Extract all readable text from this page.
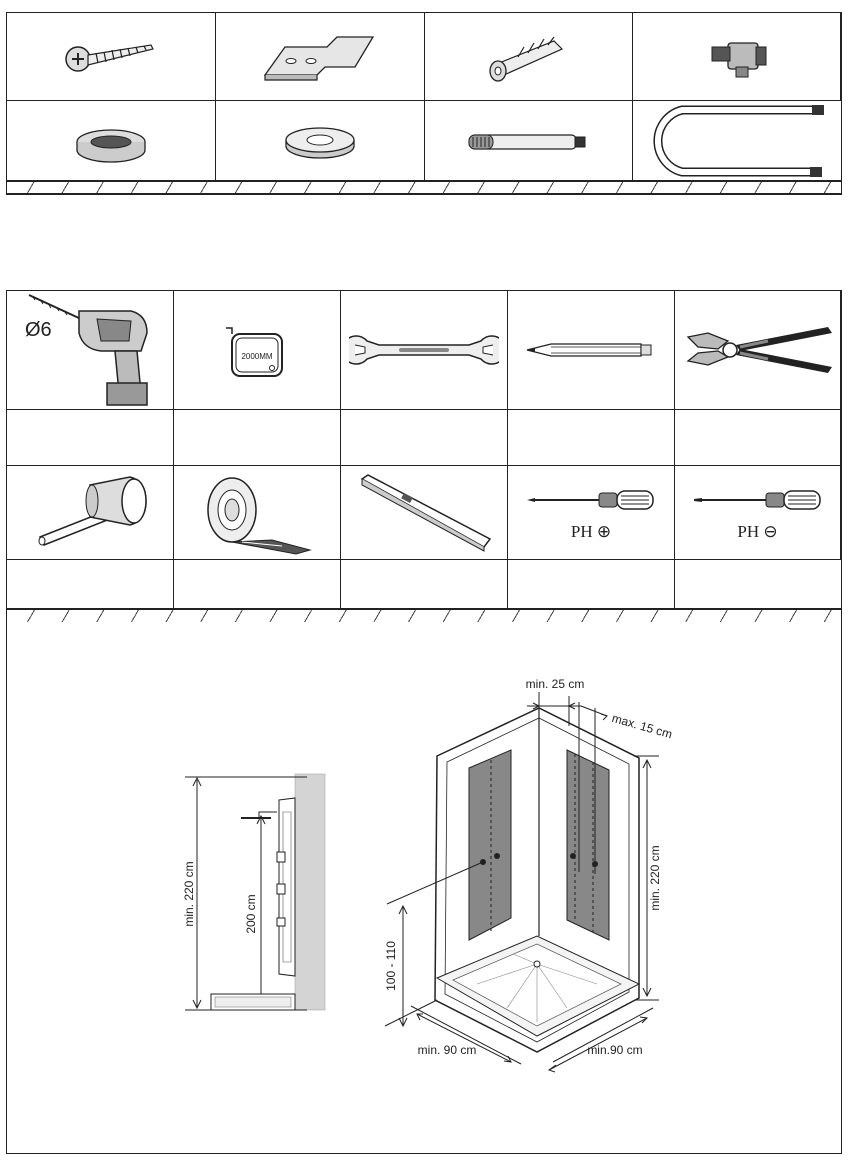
Ø6
2000MM
PH ⊕	PH ⊖
min. 220 cm	200 cm
min. 25 cm
max. 15 cm
min. 220 cm
100 - 110
min. 90 cm	min.90 cm
